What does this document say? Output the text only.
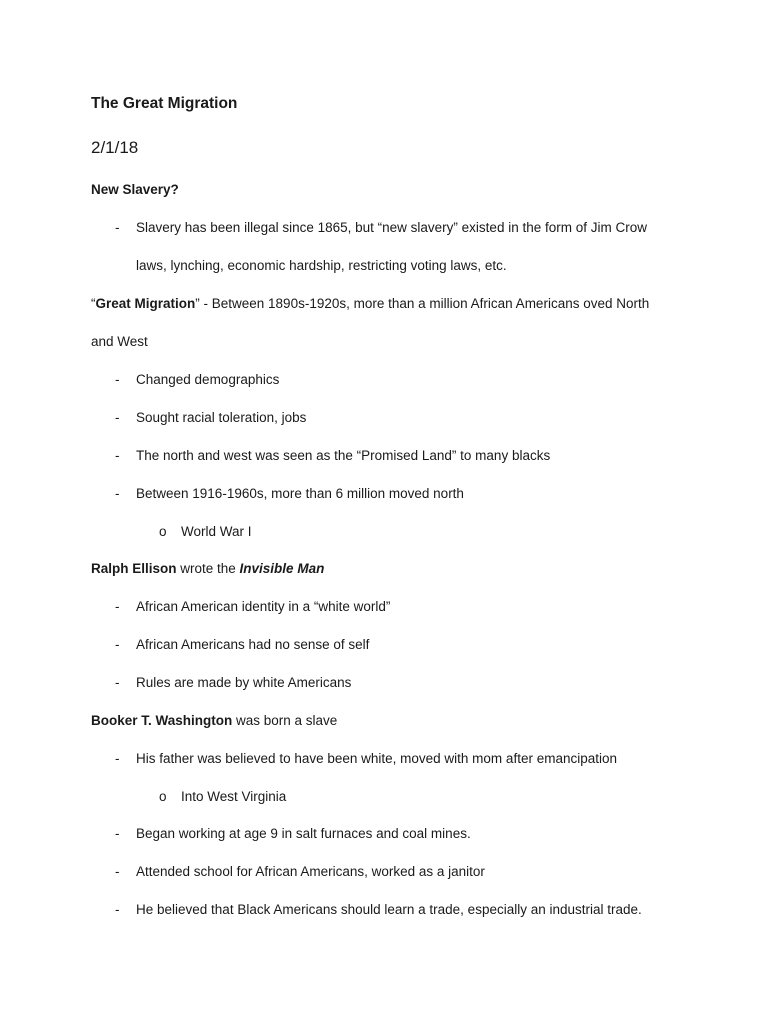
The Great Migration
2/1/18
New Slavery?
- Slavery has been illegal since 1865, but “new slavery” existed in the form of Jim Crow
laws, lynching, economic hardship, restricting voting laws, etc.
“Great Migration” - Between 1890s-1920s, more than a million African Americans oved North
and West
- Changed demographics
- Sought racial toleration, jobs
- The north and west was seen as the “Promised Land” to many blacks
- Between 1916-1960s, more than 6 million moved north
o World War I
Ralph Ellison wrote the Invisible Man
- African American identity in a “white world”
- African Americans had no sense of self
- Rules are made by white Americans
Booker T. Washington was born a slave
- His father was believed to have been white, moved with mom after emancipation
o Into West Virginia
- Began working at age 9 in salt furnaces and coal mines.
- Attended school for African Americans, worked as a janitor
- He believed that Black Americans should learn a trade, especially an industrial trade.
